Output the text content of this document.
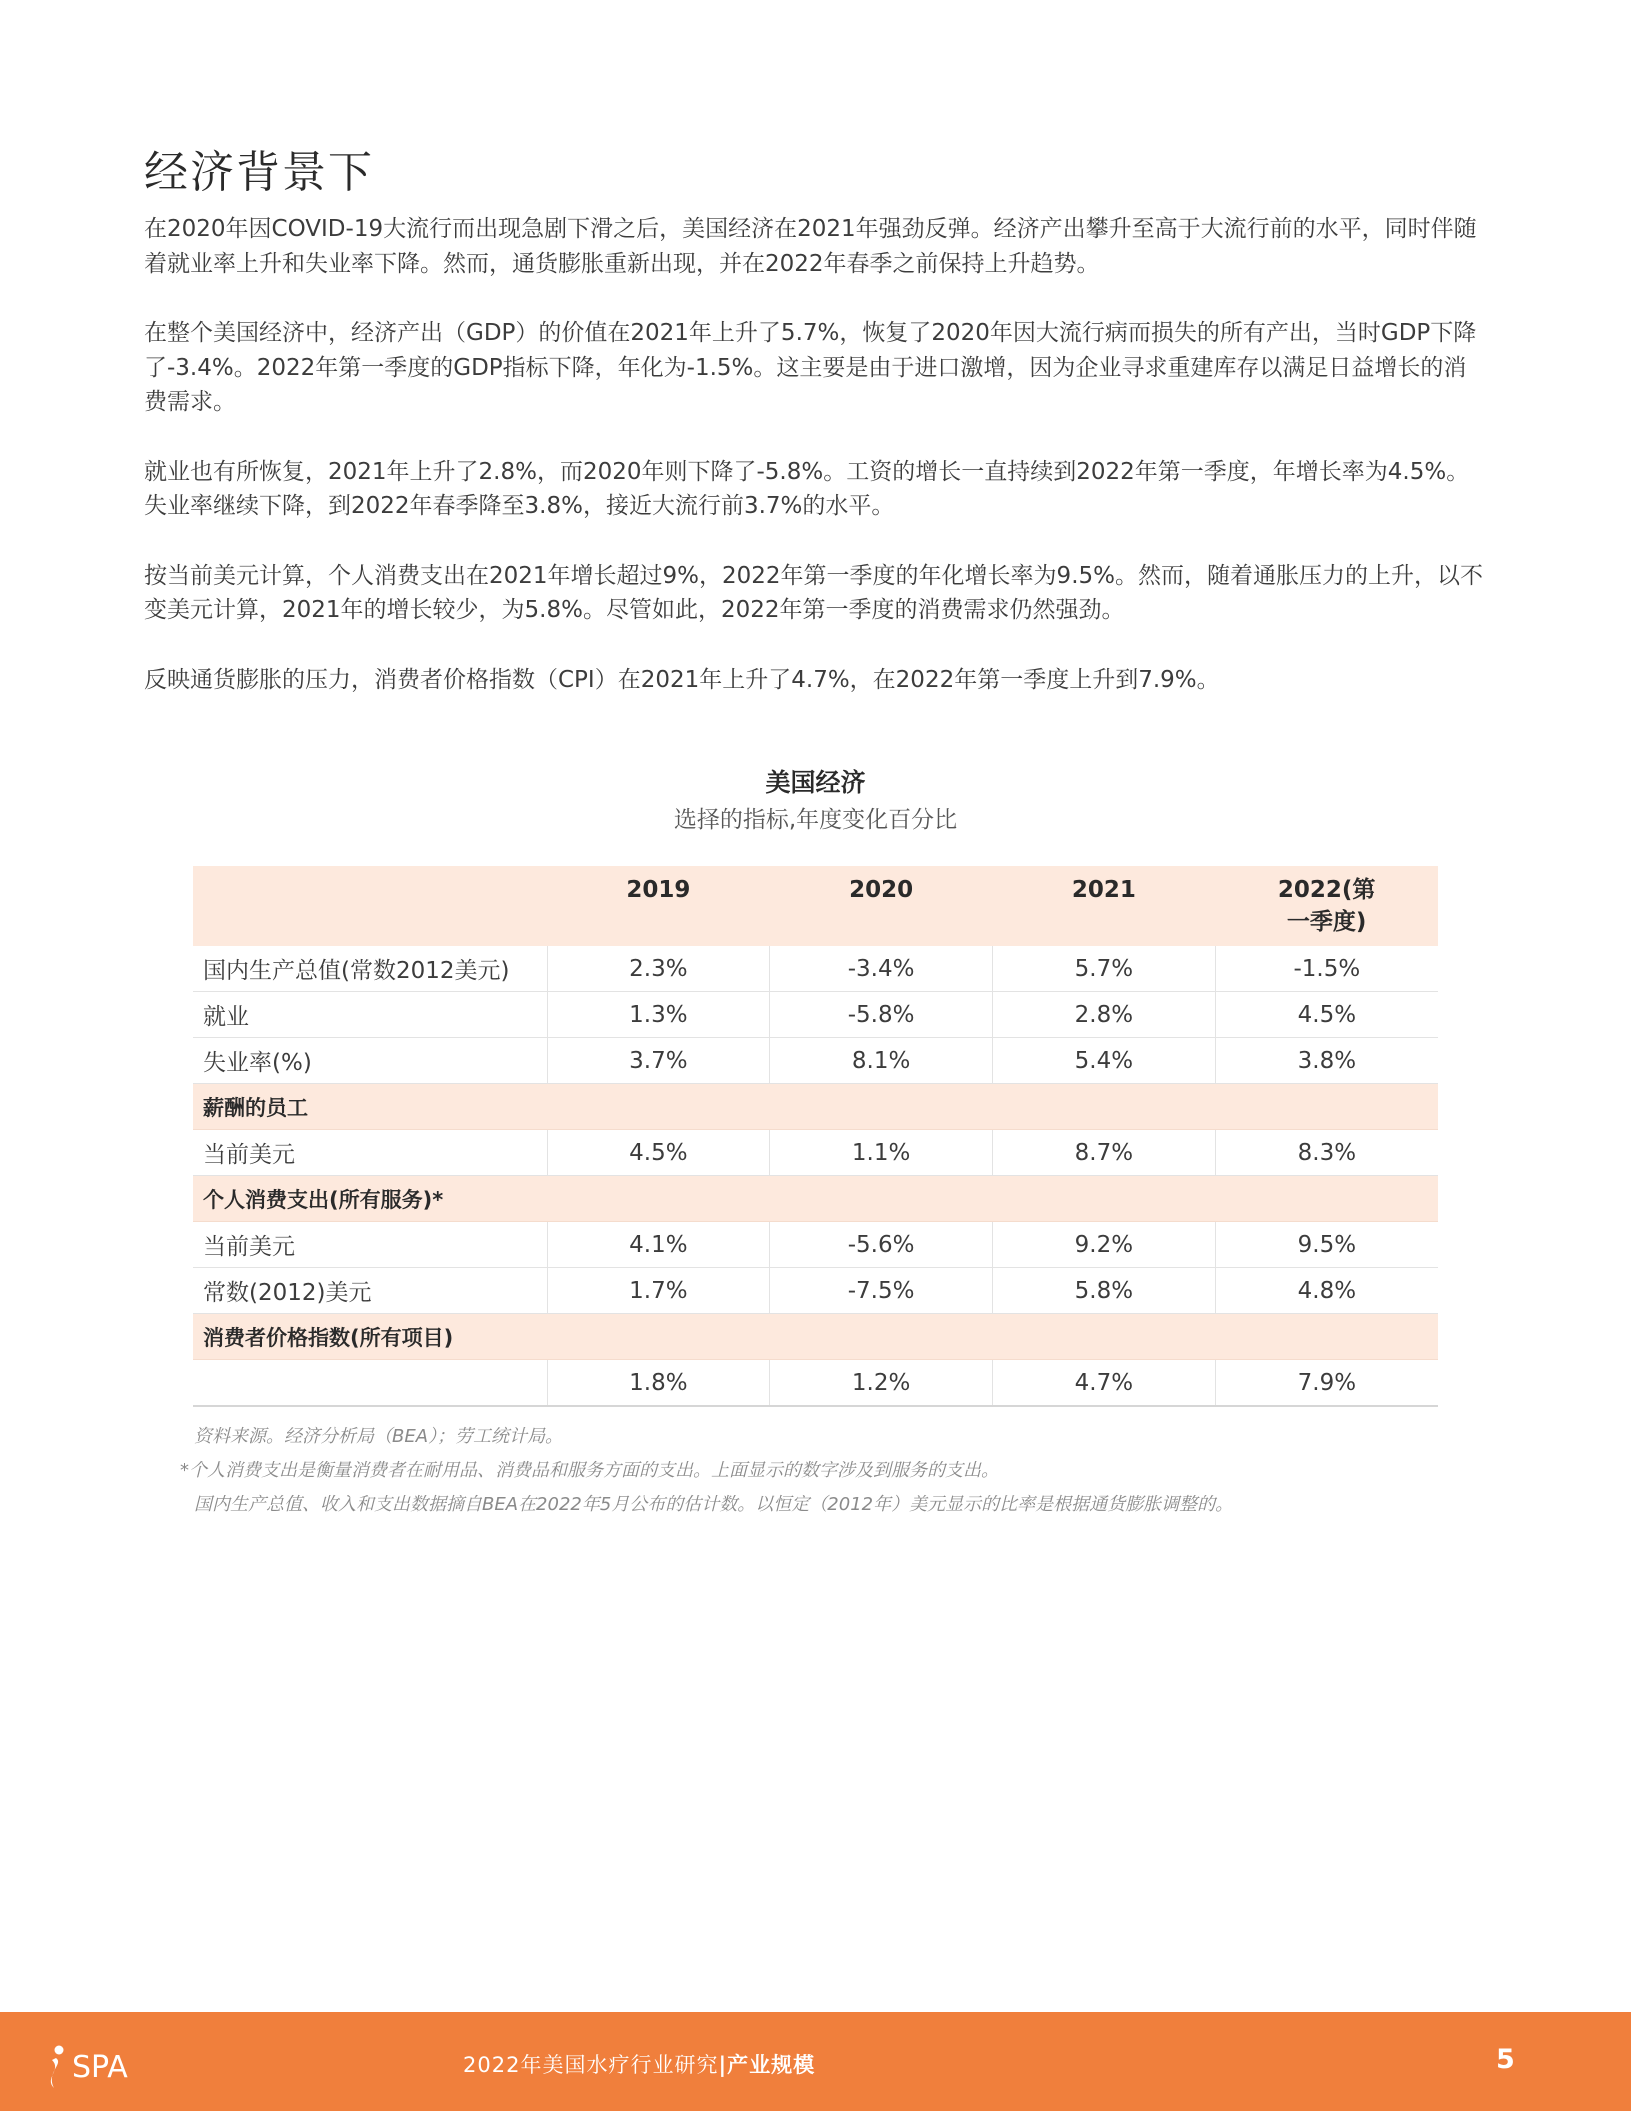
经济背景下

在2020年因COVID-19大流行而出现急剧下滑之后，美国经济在2021年强劲反弹。经济产出攀升至高于大流行前的水平，同时伴随着就业率上升和失业率下降。然而，通货膨胀重新出现，并在2022年春季之前保持上升趋势。

在整个美国经济中，经济产出（GDP）的价值在2021年上升了5.7%，恢复了2020年因大流行病而损失的所有产出，当时GDP下降了-3.4%。2022年第一季度的GDP指标下降，年化为-1.5%。这主要是由于进口激增，因为企业寻求重建库存以满足日益增长的消费需求。

就业也有所恢复，2021年上升了2.8%，而2020年则下降了-5.8%。工资的增长一直持续到2022年第一季度，年增长率为4.5%。失业率继续下降，到2022年春季降至3.8%，接近大流行前3.7%的水平。

按当前美元计算，个人消费支出在2021年增长超过9%，2022年第一季度的年化增长率为9.5%。然而，随着通胀压力的上升，以不变美元计算，2021年的增长较少，为5.8%。尽管如此，2022年第一季度的消费需求仍然强劲。

反映通货膨胀的压力，消费者价格指数（CPI）在2021年上升了4.7%，在2022年第一季度上升到7.9%。

美国经济
选择的指标,年度变化百分比
	2019	2020	2021	2022(第一季度)
国内生产总值(常数2012美元)	2.3%	-3.4%	5.7%	-1.5%
就业	1.3%	-5.8%	2.8%	4.5%
失业率(%)	3.7%	8.1%	5.4%	3.8%
薪酬的员工				
当前美元	4.5%	1.1%	8.7%	8.3%
个人消费支出(所有服务)*				
当前美元	4.1%	-5.6%	9.2%	9.5%
常数(2012)美元	1.7%	-7.5%	5.8%	4.8%
消费者价格指数(所有项目)				
	1.8%	1.2%	4.7%	7.9%

资料来源。经济分析局（BEA）；劳工统计局。

*个人消费支出是衡量消费者在耐用品、消费品和服务方面的支出。上面显示的数字涉及到服务的支出。

国内生产总值、收入和支出数据摘自BEA在2022年5月公布的估计数。以恒定（2012年）美元显示的比率是根据通货膨胀调整的。

SPA	2022年美国水疗行业研究|产业规模	5
